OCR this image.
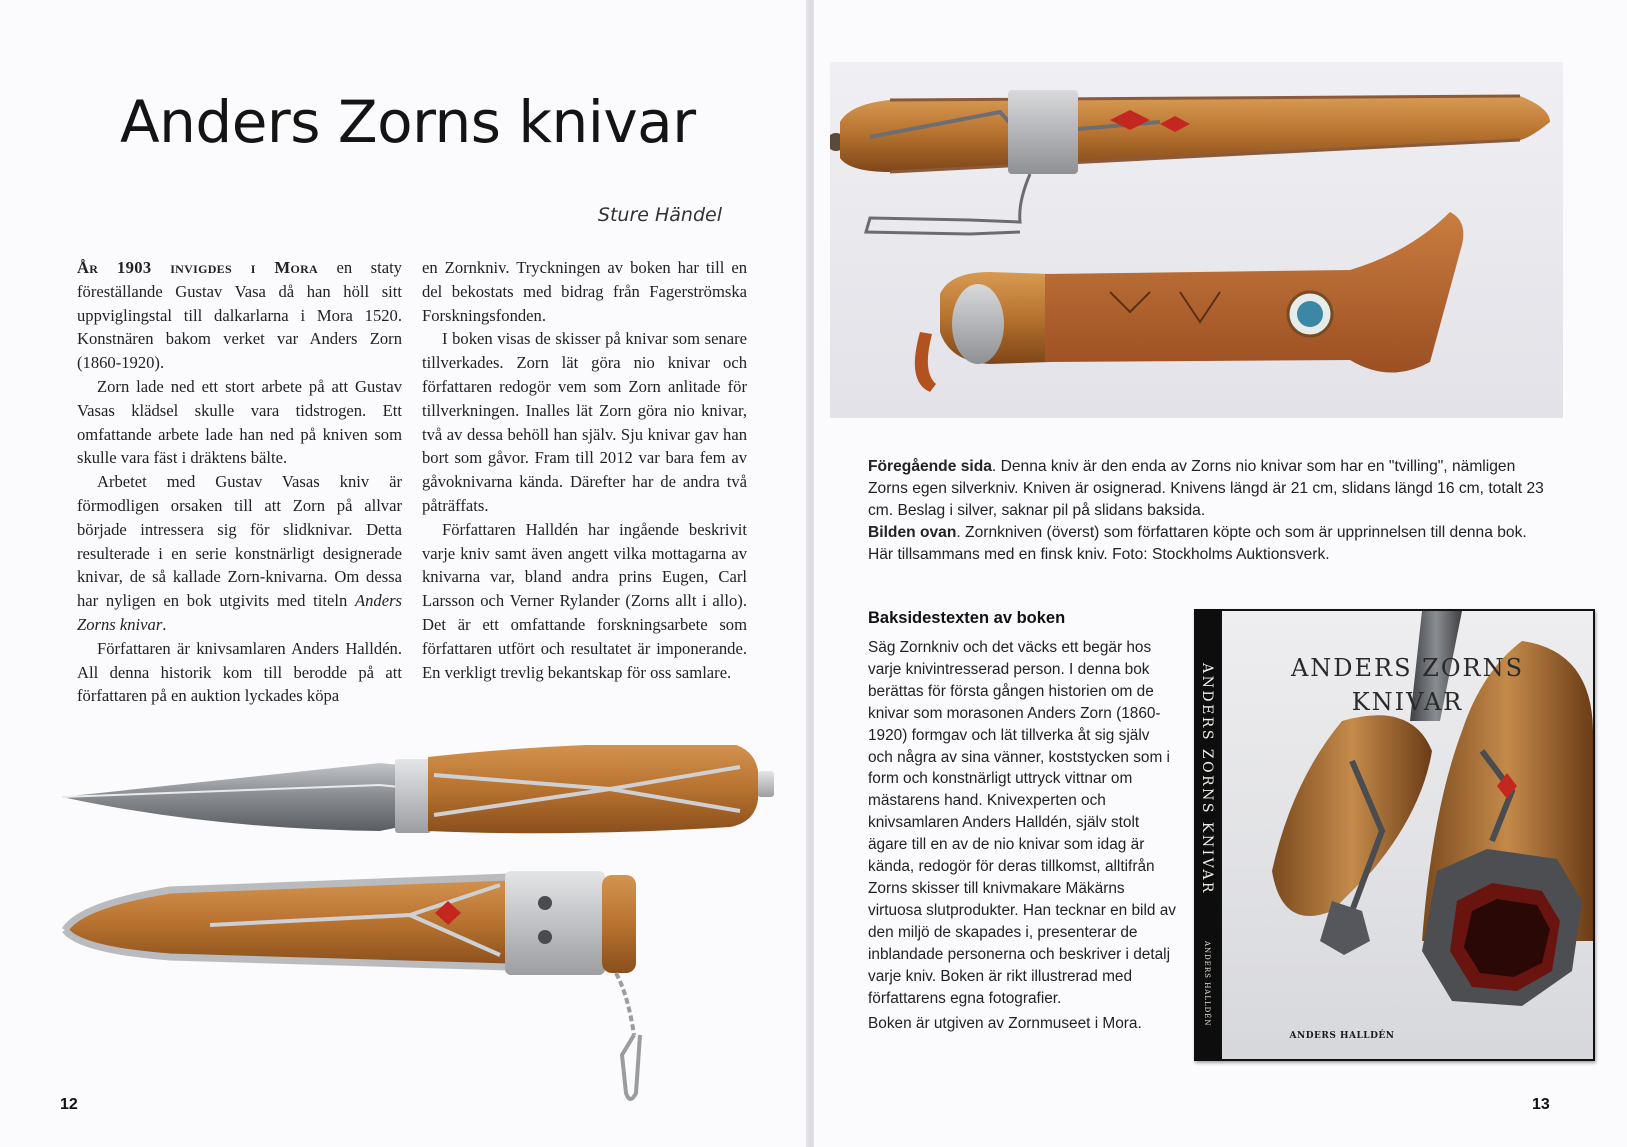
Anders Zorns knivar
Sture Händel

År 1903 invigdes i Mora en staty föreställande Gustav Vasa då han höll sitt uppviglingstal till dalkarlarna i Mora 1520. Konstnären bakom verket var Anders Zorn (1860-1920).

Zorn lade ned ett stort arbete på att Gustav Vasas klädsel skulle vara tidstrogen. Ett omfattande arbete lade han ned på kniven som skulle vara fäst i dräktens bälte.

Arbetet med Gustav Vasas kniv är förmodligen orsaken till att Zorn på allvar började intressera sig för slidknivar. Detta resulterade i en serie konstnärligt designerade knivar, de så kallade Zorn-knivarna. Om dessa har nyligen en bok utgivits med titeln Anders Zorns knivar.

Författaren är knivsamlaren Anders Halldén. All denna historik kom till berodde på att författaren på en auktion lyckades köpa

en Zornkniv. Tryckningen av boken har till en del bekostats med bidrag från Fagerströmska Forskningsfonden.

I boken visas de skisser på knivar som senare tillverkades. Zorn lät göra nio knivar och författaren redogör vem som Zorn anlitade för tillverkningen. Inalles lät Zorn göra nio knivar, två av dessa behöll han själv. Sju knivar gav han bort som gåvor. Fram till 2012 var bara fem av gåvoknivarna kända. Därefter har de andra två påträffats.

Författaren Halldén har ingående beskrivit varje kniv samt även angett vilka mottagarna av knivarna var, bland andra prins Eugen, Carl Larsson och Verner Rylander (Zorns allt i allo). Det är ett omfattande forskningsarbete som författaren utfört och resultatet är imponerande. En verkligt trevlig bekantskap för oss samlare.

12

Föregående sida. Denna kniv är den enda av Zorns nio knivar som har en "tvilling", nämligen Zorns egen silverkniv. Kniven är osignerad. Knivens längd är 21 cm, slidans längd 16 cm, totalt 23 cm. Beslag i silver, saknar pil på slidans baksida.

Bilden ovan. Zornkniven (överst) som författaren köpte och som är upprinnelsen till denna bok. Här tillsammans med en finsk kniv. Foto: Stockholms Auktionsverk.

Baksidestexten av boken

Säg Zornkniv och det väcks ett begär hos varje knivintresserad person. I denna bok berättas för första gången historien om de knivar som morasonen Anders Zorn (1860-1920) formgav och lät tillverka åt sig själv och några av sina vänner, koststycken som i form och konstnärligt uttryck vittnar om mästarens hand. Knivexperten och knivsamlaren Anders Halldén, själv stolt ägare till en av de nio knivar som idag är kända, redogör för deras tillkomst, alltifrån Zorns skisser till knivmakare Mäkärns virtuosa slutprodukter. Han tecknar en bild av den miljö de skapades i, presenterar de inblandade personerna och beskriver i detalj varje kniv. Boken är rikt illustrerad med författarens egna fotografier.

Boken är utgiven av Zornmuseet i Mora.

ANDERS ZORNS KNIVAR
ANDERS HALLDÉN
ANDERS ZORNS
KNIVAR
ANDERS HALLDÉN
13
